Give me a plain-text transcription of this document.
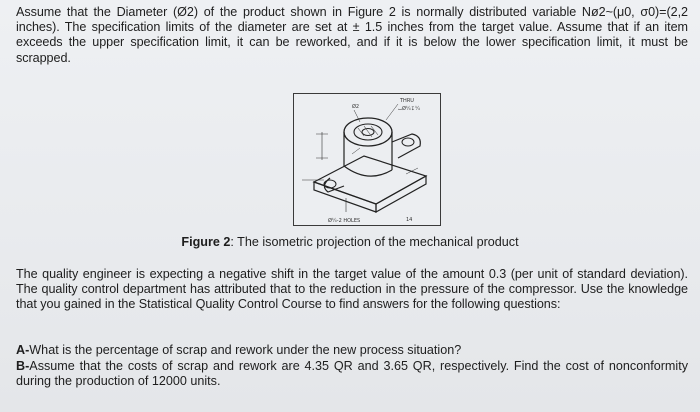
Assume that the Diameter (Ø2) of the product shown in Figure 2 is normally distributed variable Nø2~(μ0, σ0)=(2,2 inches). The specification limits of the diameter are set at ± 1.5 inches from the target value. Assume that if an item exceeds the upper specification limit, it can be reworked, and if it is below the lower specification limit, it must be scrapped.

Ø2
THRU
⌴Ø¼↧¼
Ø¼-2 HOLES	14
Figure 2: The isometric projection of the mechanical product

The quality engineer is expecting a negative shift in the target value of the amount 0.3 (per unit of standard deviation). The quality control department has attributed that to the reduction in the pressure of the compressor. Use the knowledge that you gained in the Statistical Quality Control Course to find answers for the following questions:

A-What is the percentage of scrap and rework under the new process situation?

B-Assume that the costs of scrap and rework are 4.35 QR and 3.65 QR, respectively. Find the cost of nonconformity during the production of 12000 units.
